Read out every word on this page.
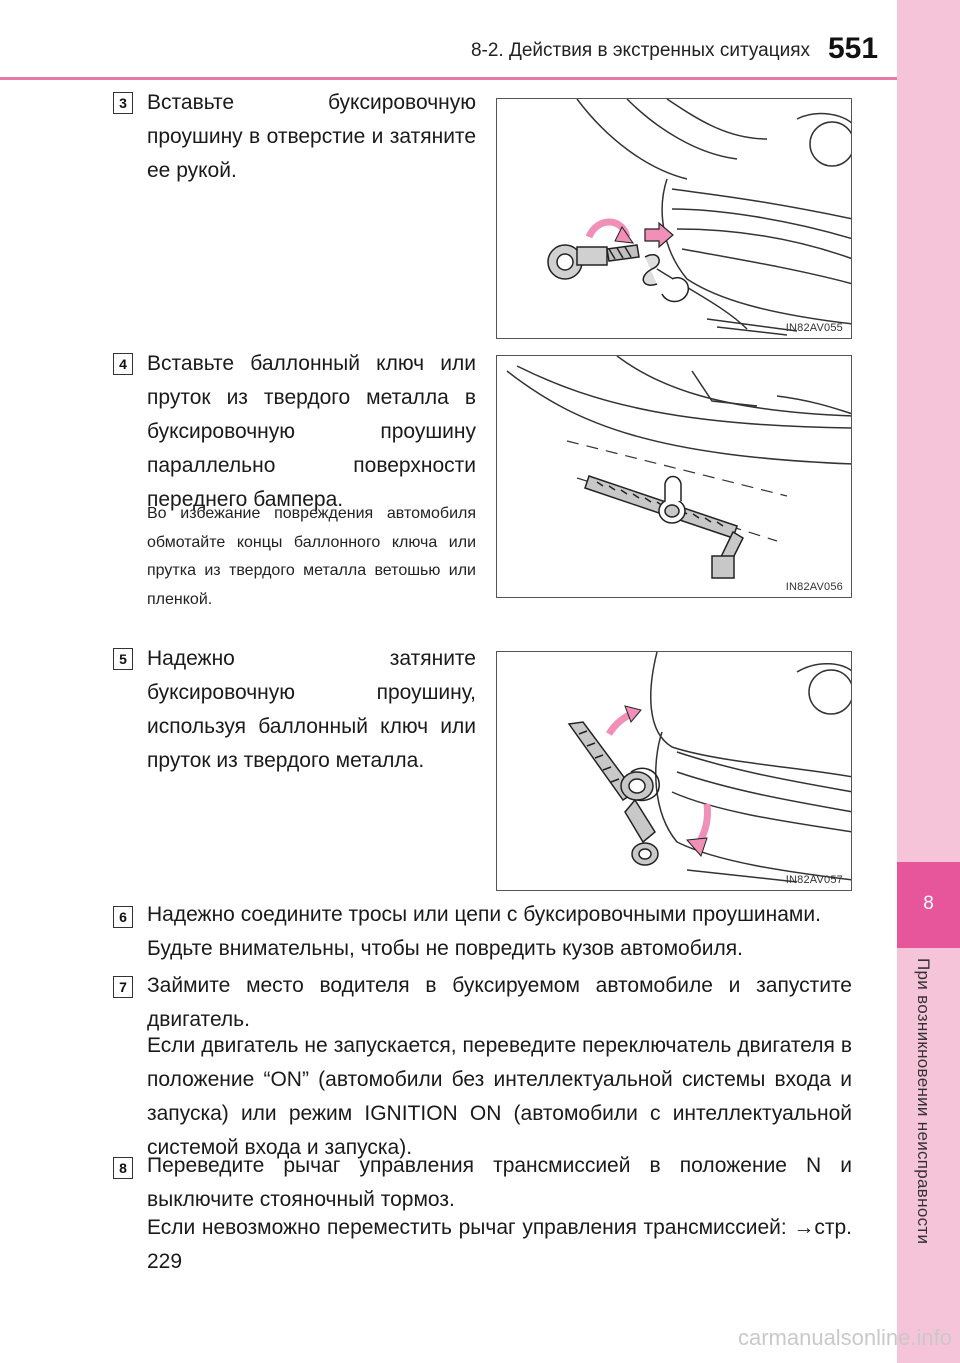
8-2. Действия в экстренных ситуациях 551
8
При возникновении неисправности
3 Вставьте буксировочную проушину в отверстие и затяните ее рукой.
IN82AV055
4 Вставьте баллонный ключ или пруток из твердого металла в буксировочную проушину параллельно поверхности переднего бампера.
Во избежание повреждения автомобиля обмотайте концы баллонного ключа или прутка из твердого металла ветошью или пленкой.
IN82AV056
5 Надежно затяните буксировочную проушину, используя баллонный ключ или пруток из твердого металла.
IN82AV057
6 Надежно соедините тросы или цепи с буксировочными проушинами.
Будьте внимательны, чтобы не повредить кузов автомобиля.
7 Займите место водителя в буксируемом автомобиле и запустите двигатель.
Если двигатель не запускается, переведите переключатель двигателя в положение “ON” (автомобили без интеллектуальной системы входа и запуска) или режим IGNITION ON (автомобили с интеллектуальной системой входа и запуска).
8 Переведите рычаг управления трансмиссией в положение N и выключите стояночный тормоз.
Если невозможно переместить рычаг управления трансмиссией: →стр. 229
carmanualsonline.info
